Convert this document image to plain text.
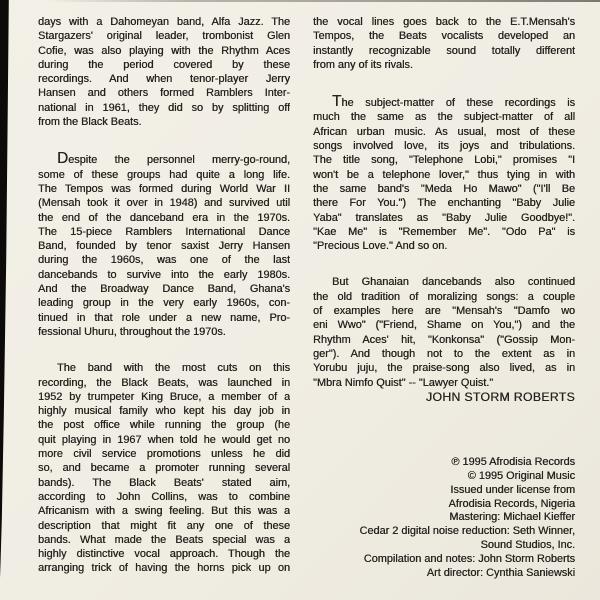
days with a Dahomeyan band, Alfa Jazz. The
Stargazers' original leader, trombonist Glen
Cofie, was also playing with the Rhythm Aces
during the period covered by these
recordings. And when tenor-player Jerry
Hansen and others formed Ramblers Inter-
national in 1961, they did so by splitting off
from the Black Beats.
Despite the personnel merry-go-round,
some of these groups had quite a long life.
The Tempos was formed during World War II
(Mensah took it over in 1948) and survived util
the end of the danceband era in the 1970s.
The 15-piece Ramblers International Dance
Band, founded by tenor saxist Jerry Hansen
during the 1960s, was one of the last
dancebands to survive into the early 1980s.
And the Broadway Dance Band, Ghana's
leading group in the very early 1960s, con-
tinued in that role under a new name, Pro-
fessional Uhuru, throughout the 1970s.
The band with the most cuts on this
recording, the Black Beats, was launched in
1952 by trumpeter King Bruce, a member of a
highly musical family who kept his day job in
the post office while running the group (he
quit playing in 1967 when told he would get no
more civil service promotions unless he did
so, and became a promoter running several
bands). The Black Beats' stated aim,
according to John Collins, was to combine
Africanism with a swing feeling. But this was a
description that might fit any one of these
bands. What made the Beats special was a
highly distinctive vocal approach. Though the
arranging trick of having the horns pick up on
the vocal lines goes back to the E.T.Mensah's
Tempos, the Beats vocalists developed an
instantly recognizable sound totally different
from any of its rivals.
The subject-matter of these recordings is
much the same as the subject-matter of all
African urban music. As usual, most of these
songs involved love, its joys and tribulations.
The title song, "Telephone Lobi," promises "I
won't be a telephone lover," thus tying in with
the same band's "Meda Ho Mawo" ("I'll Be
there For You.") The enchanting "Baby Julie
Yaba" translates as "Baby Julie Goodbye!".
"Kae Me" is "Remember Me". "Odo Pa" is
"Precious Love." And so on.
But Ghanaian dancebands also continued
the old tradition of moralizing songs: a couple
of examples here are "Mensah's "Damfo wo
eni Wwo" ("Friend, Shame on You,") and the
Rhythm Aces' hit, "Konkonsa" ("Gossip Mon-
ger"). And though not to the extent as in
Yorubu juju, the praise-song also lived, as in
"Mbra Nimfo Quist" -- "Lawyer Quist."
JOHN STORM ROBERTS
℗ 1995 Afrodisia Records
© 1995 Original Music
Issued under license from
Afrodisia Records, Nigeria
Mastering: Michael Kieffer
Cedar 2 digital noise reduction: Seth Winner,
Sound Studios, Inc.
Compilation and notes: John Storm Roberts
Art director: Cynthia Saniewski
